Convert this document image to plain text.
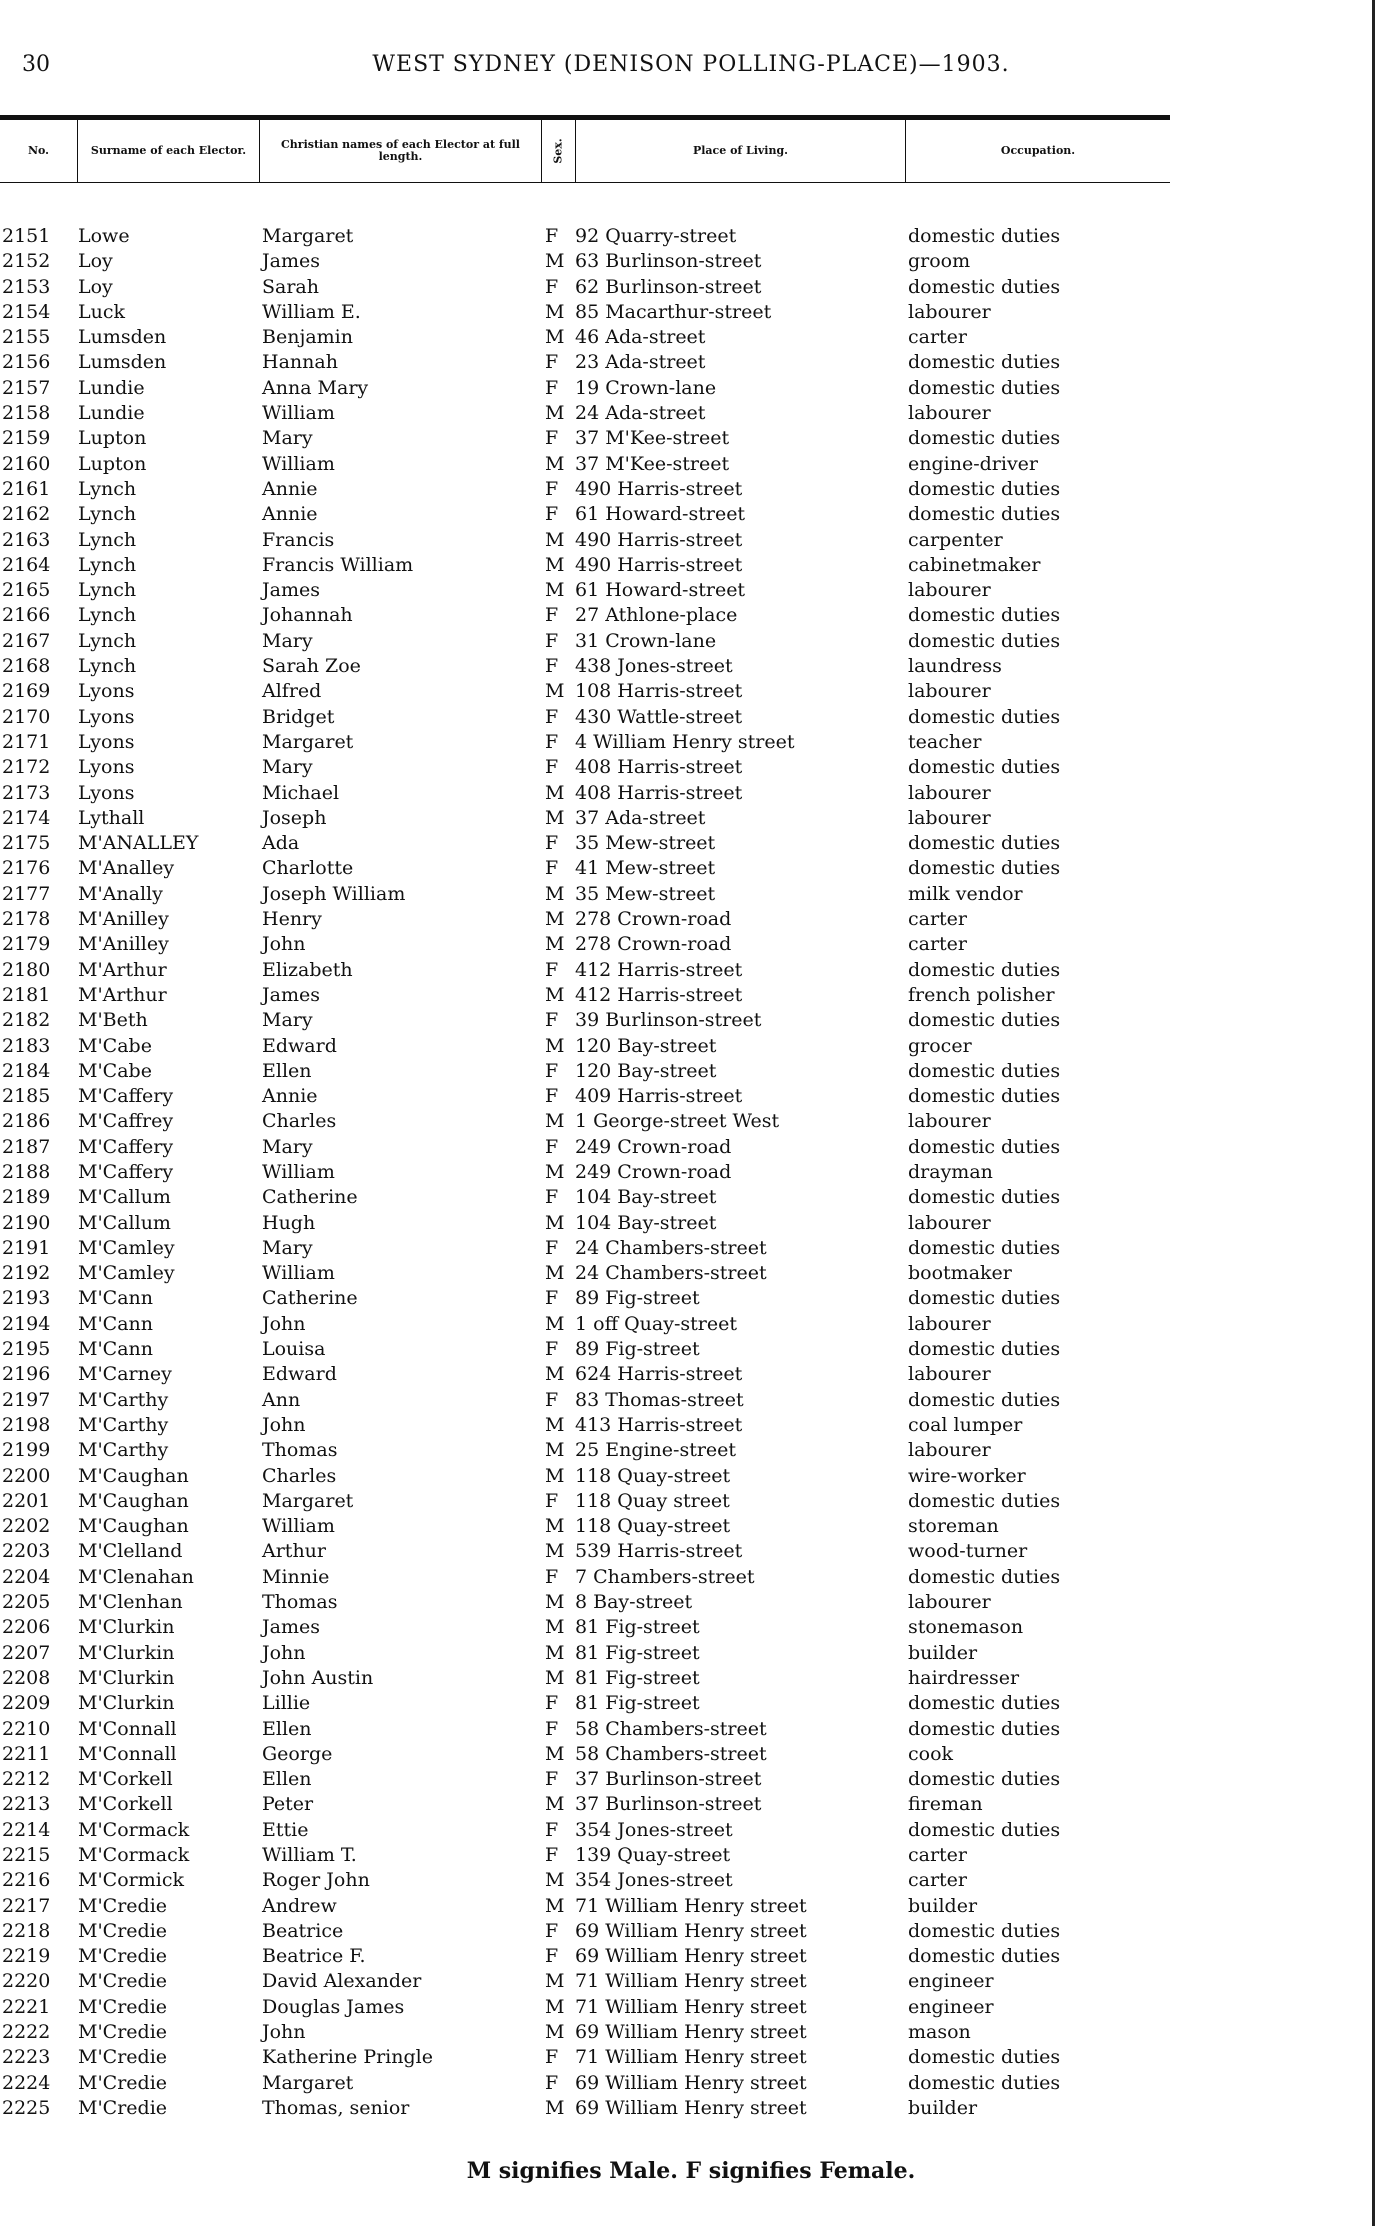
30	WEST SYDNEY (DENISON POLLING-PLACE)—1903.
No.	Surname of each Elector.	Christian names of each Elector at full length.	Sex.	Place of Living.	Occupation.
2151	Lowe	Margaret	F 92 Quarry-street	domestic duties
2152	Loy	James	M 63 Burlinson-street	groom
2153	Loy	Sarah	F 62 Burlinson-street	domestic duties
2154	Luck	William E.	M 85 Macarthur-street	labourer
2155	Lumsden	Benjamin	M 46 Ada-street	carter
2156	Lumsden	Hannah	F 23 Ada-street	domestic duties
2157	Lundie	Anna Mary	F 19 Crown-lane	domestic duties
2158	Lundie	William	M 24 Ada-street	labourer
2159	Lupton	Mary	F 37 M'Kee-street	domestic duties
2160	Lupton	William	M 37 M'Kee-street	engine-driver
2161	Lynch	Annie	F 490 Harris-street	domestic duties
2162	Lynch	Annie	F 61 Howard-street	domestic duties
2163	Lynch	Francis	M 490 Harris-street	carpenter
2164	Lynch	Francis William	M 490 Harris-street	cabinetmaker
2165	Lynch	James	M 61 Howard-street	labourer
2166	Lynch	Johannah	F 27 Athlone-place	domestic duties
2167	Lynch	Mary	F 31 Crown-lane	domestic duties
2168	Lynch	Sarah Zoe	F 438 Jones-street	laundress
2169	Lyons	Alfred	M 108 Harris-street	labourer
2170	Lyons	Bridget	F 430 Wattle-street	domestic duties
2171	Lyons	Margaret	F 4 William Henry street	teacher
2172	Lyons	Mary	F 408 Harris-street	domestic duties
2173	Lyons	Michael	M 408 Harris-street	labourer
2174	Lythall	Joseph	M 37 Ada-street	labourer
2175	M'ANALLEY	Ada	F 35 Mew-street	domestic duties
2176	M'Analley	Charlotte	F 41 Mew-street	domestic duties
2177	M'Anally	Joseph William	M 35 Mew-street	milk vendor
2178	M'Anilley	Henry	M 278 Crown-road	carter
2179	M'Anilley	John	M 278 Crown-road	carter
2180	M'Arthur	Elizabeth	F 412 Harris-street	domestic duties
2181	M'Arthur	James	M 412 Harris-street	french polisher
2182	M'Beth	Mary	F 39 Burlinson-street	domestic duties
2183	M'Cabe	Edward	M 120 Bay-street	grocer
2184	M'Cabe	Ellen	F 120 Bay-street	domestic duties
2185	M'Caffery	Annie	F 409 Harris-street	domestic duties
2186	M'Caffrey	Charles	M 1 George-street West	labourer
2187	M'Caffery	Mary	F 249 Crown-road	domestic duties
2188	M'Caffery	William	M 249 Crown-road	drayman
2189	M'Callum	Catherine	F 104 Bay-street	domestic duties
2190	M'Callum	Hugh	M 104 Bay-street	labourer
2191	M'Camley	Mary	F 24 Chambers-street	domestic duties
2192	M'Camley	William	M 24 Chambers-street	bootmaker
2193	M'Cann	Catherine	F 89 Fig-street	domestic duties
2194	M'Cann	John	M 1 off Quay-street	labourer
2195	M'Cann	Louisa	F 89 Fig-street	domestic duties
2196	M'Carney	Edward	M 624 Harris-street	labourer
2197	M'Carthy	Ann	F 83 Thomas-street	domestic duties
2198	M'Carthy	John	M 413 Harris-street	coal lumper
2199	M'Carthy	Thomas	M 25 Engine-street	labourer
2200	M'Caughan	Charles	M 118 Quay-street	wire-worker
2201	M'Caughan	Margaret	F 118 Quay street	domestic duties
2202	M'Caughan	William	M 118 Quay-street	storeman
2203	M'Clelland	Arthur	M 539 Harris-street	wood-turner
2204	M'Clenahan	Minnie	F 7 Chambers-street	domestic duties
2205	M'Clenhan	Thomas	M 8 Bay-street	labourer
2206	M'Clurkin	James	M 81 Fig-street	stonemason
2207	M'Clurkin	John	M 81 Fig-street	builder
2208	M'Clurkin	John Austin	M 81 Fig-street	hairdresser
2209	M'Clurkin	Lillie	F 81 Fig-street	domestic duties
2210	M'Connall	Ellen	F 58 Chambers-street	domestic duties
2211	M'Connall	George	M 58 Chambers-street	cook
2212	M'Corkell	Ellen	F 37 Burlinson-street	domestic duties
2213	M'Corkell	Peter	M 37 Burlinson-street	fireman
2214	M'Cormack	Ettie	F 354 Jones-street	domestic duties
2215	M'Cormack	William T.	F 139 Quay-street	carter
2216	M'Cormick	Roger John	M 354 Jones-street	carter
2217	M'Credie	Andrew	M 71 William Henry street	builder
2218	M'Credie	Beatrice	F 69 William Henry street	domestic duties
2219	M'Credie	Beatrice F.	F 69 William Henry street	domestic duties
2220	M'Credie	David Alexander	M 71 William Henry street	engineer
2221	M'Credie	Douglas James	M 71 William Henry street	engineer
2222	M'Credie	John	M 69 William Henry street	mason
2223	M'Credie	Katherine Pringle	F 71 William Henry street	domestic duties
2224	M'Credie	Margaret	F 69 William Henry street	domestic duties
2225	M'Credie	Thomas, senior	M 69 William Henry street	builder
M signifies Male. F signifies Female.
